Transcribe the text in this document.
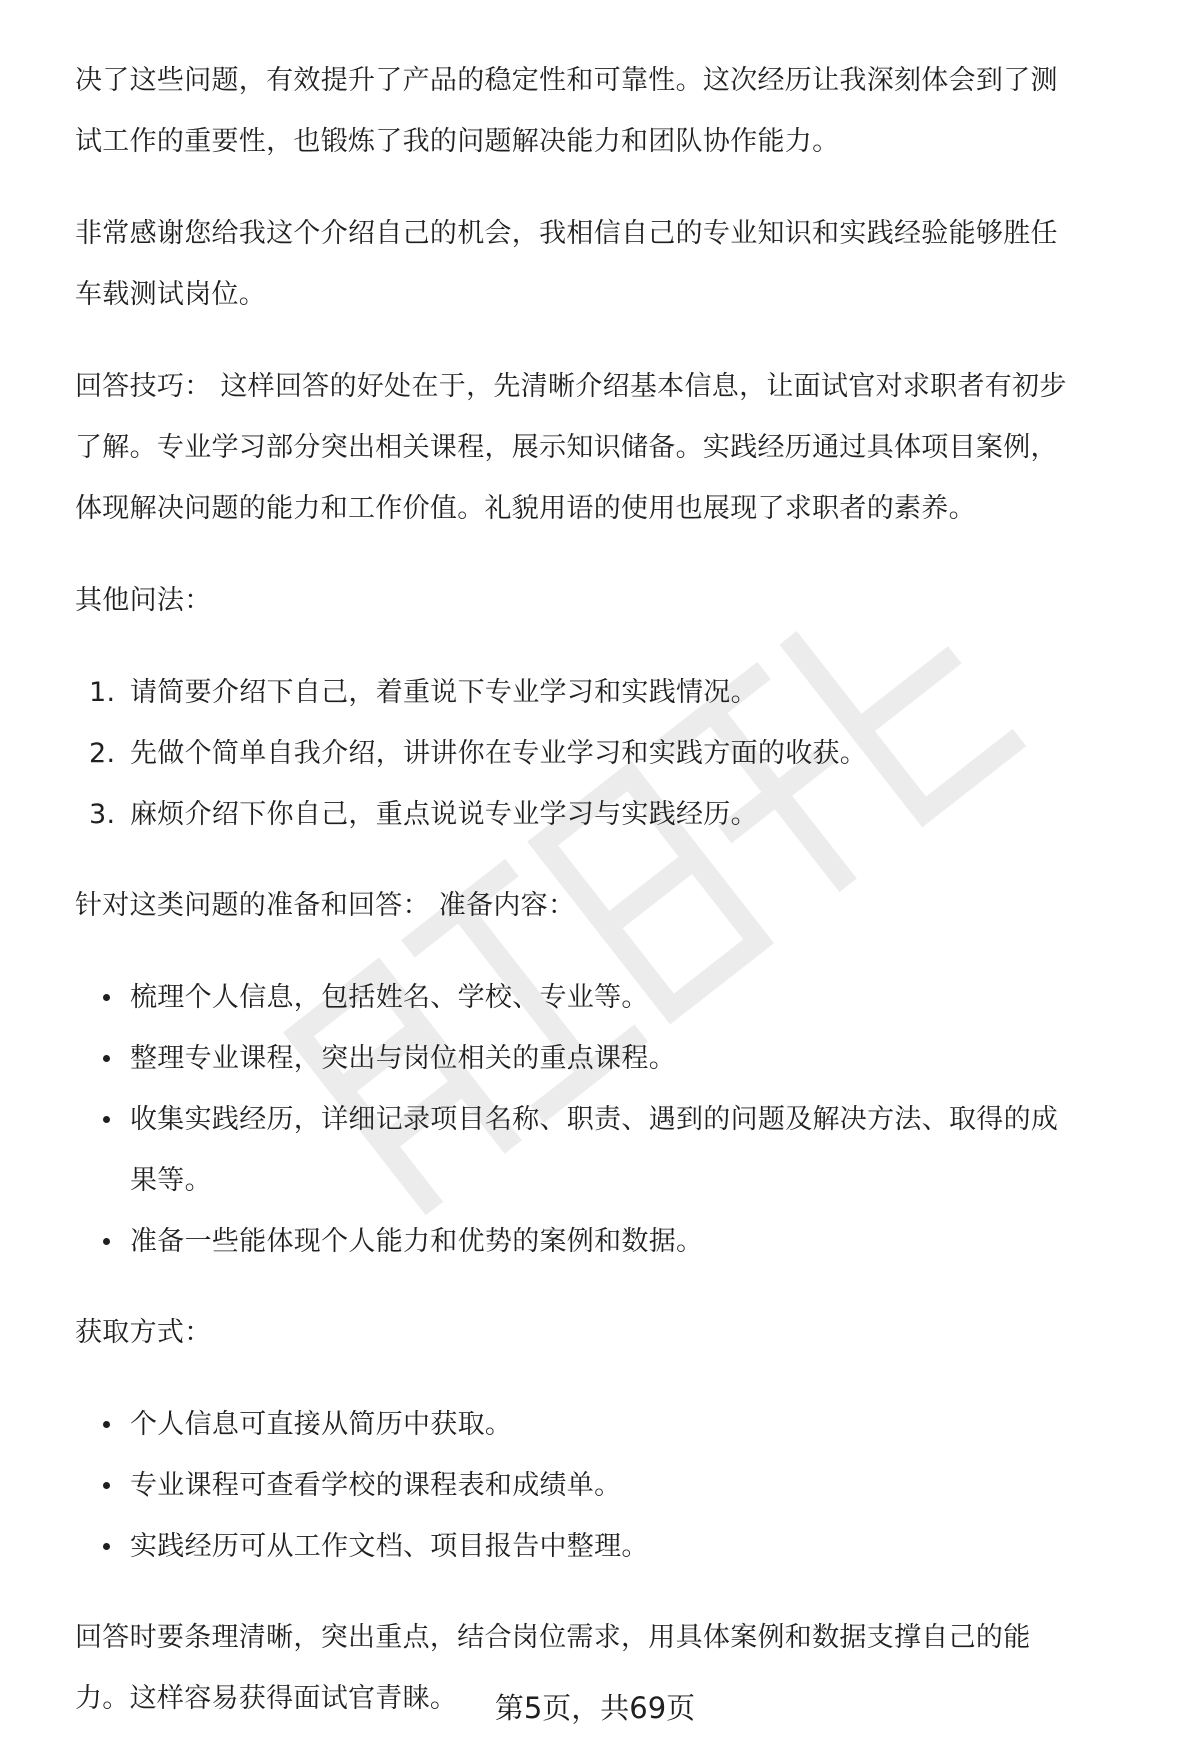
决了这些问题，有效提升了产品的稳定性和可靠性。这次经历让我深刻体会到了测

试工作的重要性，也锻炼了我的问题解决能力和团队协作能力。

非常感谢您给我这个介绍自己的机会，我相信自己的专业知识和实践经验能够胜任

车载测试岗位。

回答技巧： 这样回答的好处在于，先清晰介绍基本信息，让面试官对求职者有初步

了解。专业学习部分突出相关课程，展示知识储备。实践经历通过具体项目案例，

体现解决问题的能力和工作价值。礼貌用语的使用也展现了求职者的素养。

其他问法：

1. 请简要介绍下自己，着重说下专业学习和实践情况。
2. 先做个简单自我介绍，讲讲你在专业学习和实践方面的收获。
3. 麻烦介绍下你自己，重点说说专业学习与实践经历。

针对这类问题的准备和回答： 准备内容：

梳理个人信息，包括姓名、学校、专业等。
整理专业课程，突出与岗位相关的重点课程。
收集实践经历，详细记录项目名称、职责、遇到的问题及解决方法、取得的成
果等。
准备一些能体现个人能力和优势的案例和数据。

获取方式：

个人信息可直接从简历中获取。
专业课程可查看学校的课程表和成绩单。
实践经历可从工作文档、项目报告中整理。

回答时要条理清晰，突出重点，结合岗位需求，用具体案例和数据支撑自己的能

力。这样容易获得面试官青睐。	第5页，共69页
